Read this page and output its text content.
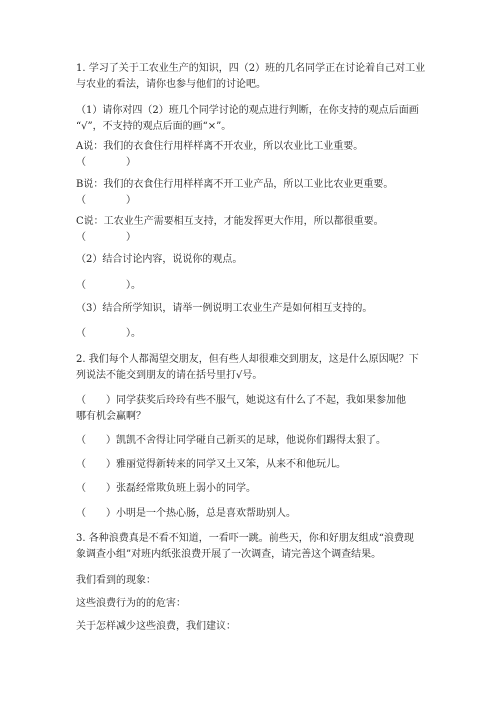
1. 学习了关于工农业生产的知识，四（2）班的几名同学正在讨论着自己对工业
与农业的看法，请你也参与他们的讨论吧。
（1）请你对四（2）班几个同学讨论的观点进行判断，在你支持的观点后面画
“√”，不支持的观点后面的画“×”。
A说：我们的衣食住行用样样离不开农业，所以农业比工业重要。
（　　　　）
B说：我们的衣食住行用样样离不开工业产品，所以工业比农业更重要。
（　　　　）
C说：工农业生产需要相互支持，才能发挥更大作用，所以都很重要。
（　　　　）
（2）结合讨论内容，说说你的观点。
（　　　　）。
（3）结合所学知识，请举一例说明工农业生产是如何相互支持的。
（　　　　）。
2. 我们每个人都渴望交朋友，但有些人却很难交到朋友，这是什么原因呢？下
列说法不能交到朋友的请在括号里打√号。
（　　）同学获奖后玲玲有些不服气，她说这有什么了不起，我如果参加他
哪有机会赢啊？
（　　）凯凯不舍得让同学碰自己新买的足球，他说你们踢得太狠了。
（　　）雅丽觉得新转来的同学又土又笨，从来不和他玩儿。
（　　）张磊经常欺负班上弱小的同学。
（　　）小明是一个热心肠，总是喜欢帮助别人。
3. 各种浪费真是不看不知道，一看吓一跳。前些天，你和好朋友组成“浪费现
象调查小组”对班内纸张浪费开展了一次调查，请完善这个调查结果。
我们看到的现象：
这些浪费行为的的危害：
关于怎样减少这些浪费，我们建议：
